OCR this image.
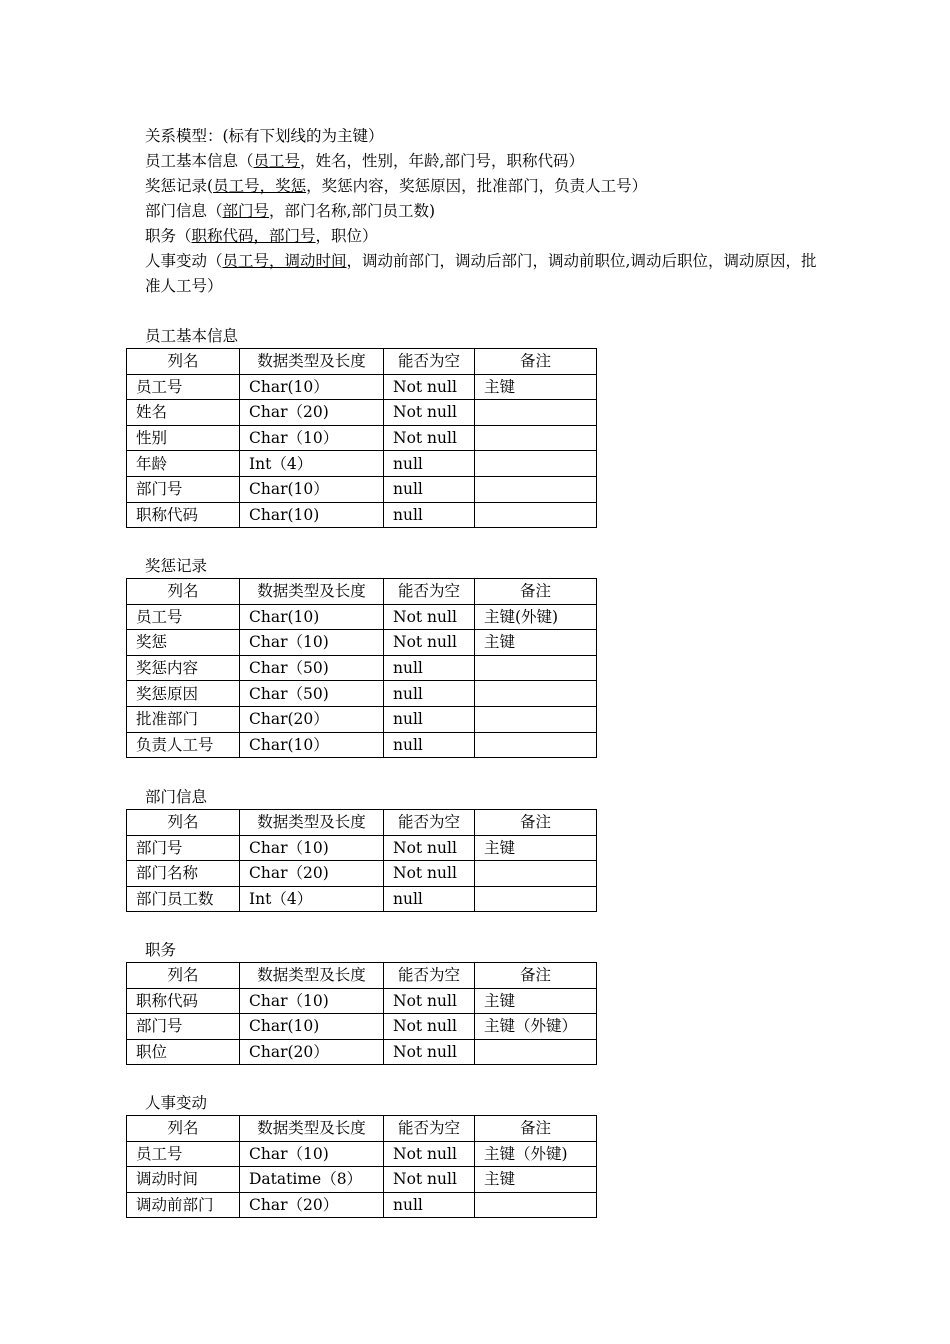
关系模型：(标有下划线的为主键）
员工基本信息（员工号，姓名，性别，年龄,部门号，职称代码）
奖惩记录(员工号，奖惩，奖惩内容，奖惩原因，批准部门，负责人工号）
部门信息（部门号，部门名称,部门员工数)
职务（职称代码，部门号，职位）
人事变动（员工号，调动时间，调动前部门，调动后部门，调动前职位,调动后职位，调动原因，批准人工号）
员工基本信息
奖惩记录
部门信息
职务
人事变动
列名	数据类型及长度	能否为空	备注
员工号	Char(10）	Not null	主键
姓名	Char（20)	Not null	
性别	Char（10）	Not null	
年龄	Int（4）	null	
部门号	Char(10）	null	
职称代码	Char(10)	null	
列名	数据类型及长度	能否为空	备注
员工号	Char(10)	Not null	主键(外键)
奖惩	Char（10)	Not null	主键
奖惩内容	Char（50)	null	
奖惩原因	Char（50)	null	
批准部门	Char(20）	null	
负责人工号	Char(10）	null	
列名	数据类型及长度	能否为空	备注
部门号	Char（10)	Not null	主键
部门名称	Char（20)	Not null	
部门员工数	Int（4）	null	
列名	数据类型及长度	能否为空	备注
职称代码	Char（10)	Not null	主键
部门号	Char(10)	Not null	主键（外键）
职位	Char(20）	Not null	
列名	数据类型及长度	能否为空	备注
员工号	Char（10)	Not null	主键（外键)
调动时间	Datatime（8）	Not null	主键
调动前部门	Char（20）	null	
